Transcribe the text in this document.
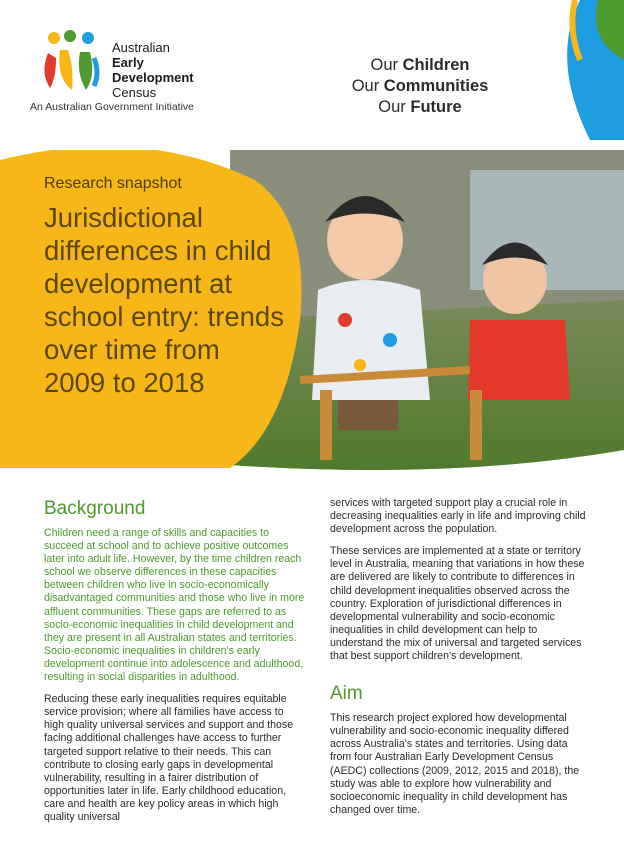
Australian
Early
Development
Census
An Australian Government Initiative
Our Children
Our Communities
Our Future
Research snapshot
Jurisdictional differences in child development at school entry: trends over time from 2009 to 2018
Background

Children need a range of skills and capacities to succeed at school and to achieve positive outcomes later into adult life. However, by the time children reach school we observe differences in these capacities between children who live in socio-economically disadvantaged communities and those who live in more affluent communities. These gaps are referred to as socio-economic inequalities in child development and they are present in all Australian states and territories. Socio-economic inequalities in children's early development continue into adolescence and adulthood, resulting in social disparities in adulthood.

Reducing these early inequalities requires equitable service provision; where all families have access to high quality universal services and support and those facing additional challenges have access to further targeted support relative to their needs. This can contribute to closing early gaps in developmental vulnerability, resulting in a fairer distribution of opportunities later in life. Early childhood education, care and health are key policy areas in which high quality universal

services with targeted support play a crucial role in decreasing inequalities early in life and improving child development across the population.

These services are implemented at a state or territory level in Australia, meaning that variations in how these are delivered are likely to contribute to differences in child development inequalities observed across the country. Exploration of jurisdictional differences in developmental vulnerability and socio-economic inequalities in child development can help to understand the mix of universal and targeted services that best support children's development.

Aim

This research project explored how developmental vulnerability and socio-economic inequality differed across Australia's states and territories. Using data from four Australian Early Development Census (AEDC) collections (2009, 2012, 2015 and 2018), the study was able to explore how vulnerability and socioeconomic inequality in child development has changed over time.
